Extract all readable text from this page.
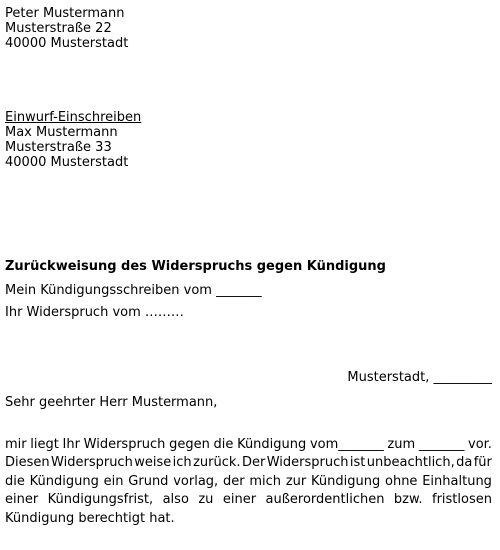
Peter Mustermann
Musterstraße 22
40000 Musterstadt
Einwurf-Einschreiben
Max Mustermann
Musterstraße 33
40000 Musterstadt
Zurückweisung des Widerspruchs gegen Kündigung
Mein Kündigungsschreiben vom _______
Ihr Widerspruch vom ………
Musterstadt, _________
Sehr geehrter Herr Mustermann,
mir liegt Ihr Widerspruch gegen die Kündigung vom_______ zum _______ vor.
Diesen Widerspruch weise ich zurück. Der Widerspruch ist unbeachtlich, da für
die Kündigung ein Grund vorlag, der mich zur Kündigung ohne Einhaltung
einer Kündigungsfrist, also zu einer außerordentlichen bzw. fristlosen
Kündigung berechtigt hat.
